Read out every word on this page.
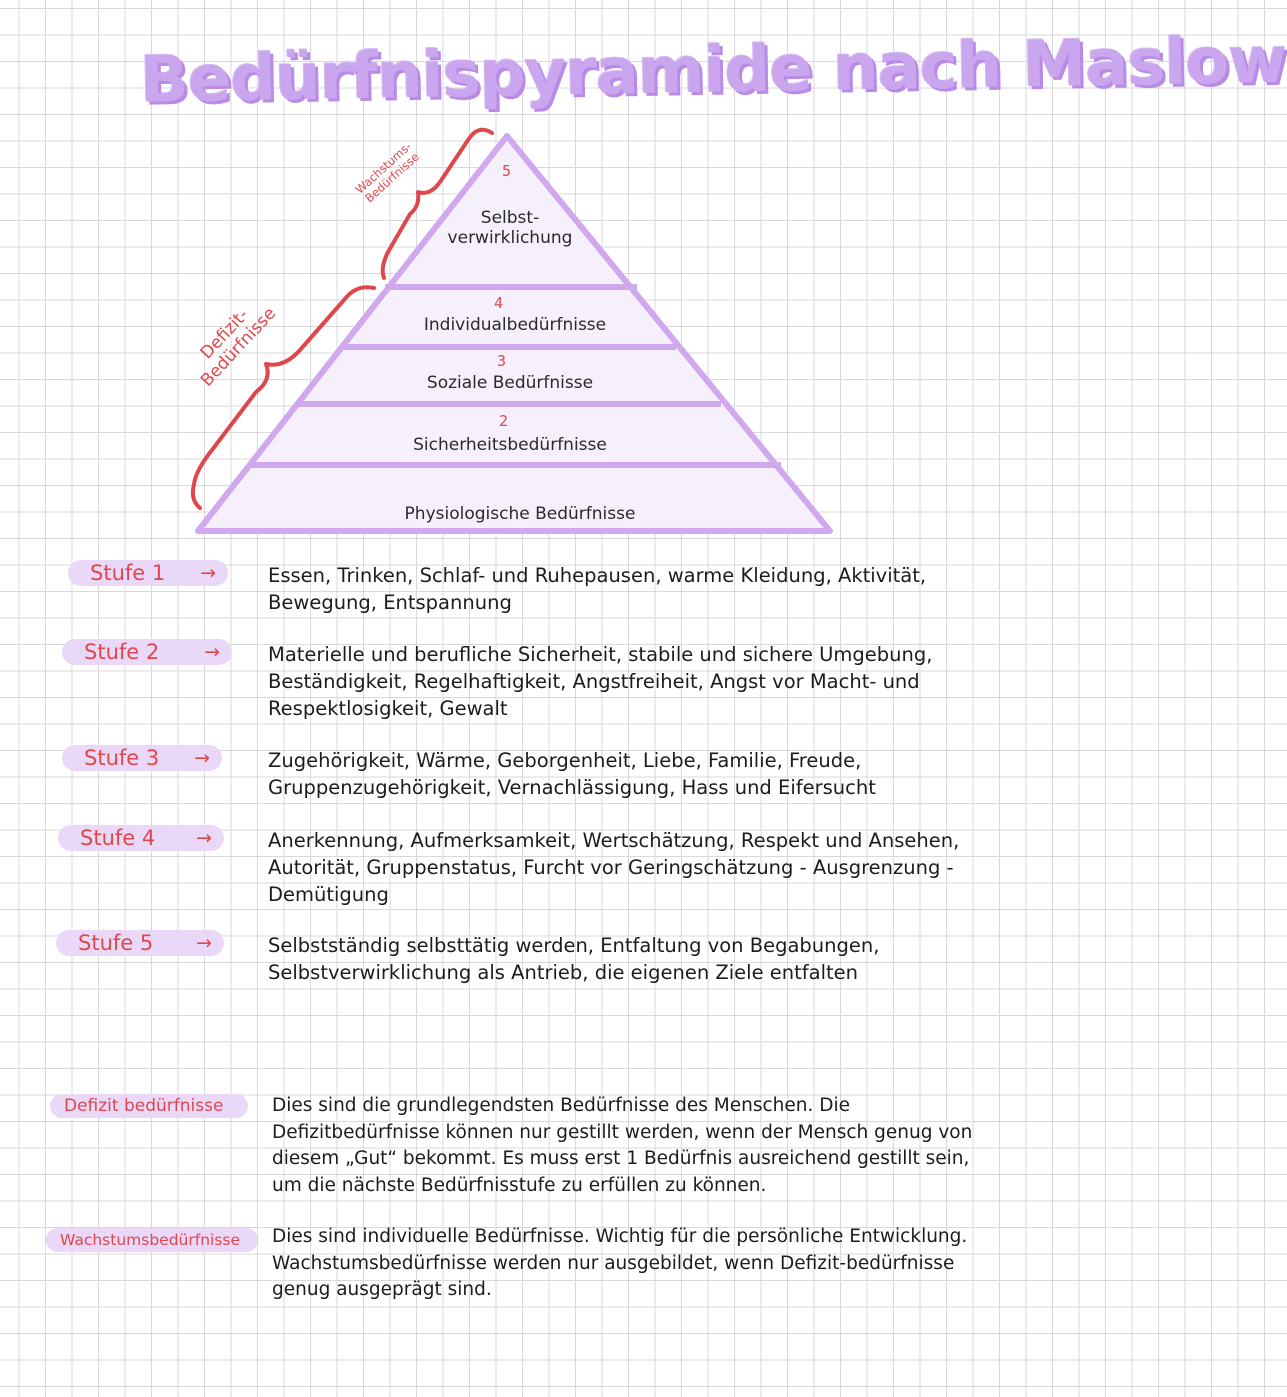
Bedürfnispyramide nach Maslow
5
Selbst-
verwirklichung
4
Individualbedürfnisse
3
Soziale Bedürfnisse
2
Sicherheitsbedürfnisse
Physiologische Bedürfnisse
Wachstums-
Bedürfnisse
Defizit-
Bedürfnisse
Stufe 1 →	Essen, Trinken, Schlaf- und Ruhepausen, warme Kleidung, Aktivität, Bewegung, Entspannung
Stufe 2 → Materielle und berufliche Sicherheit, stabile und sichere Umgebung, Beständigkeit, Regelhaftigkeit, Angstfreiheit, Angst vor Macht- und Respektlosigkeit, Gewalt
Stufe 3 →	Zugehörigkeit, Wärme, Geborgenheit, Liebe, Familie, Freude, Gruppenzugehörigkeit, Vernachlässigung, Hass und Eifersucht
Stufe 4 →	Anerkennung, Aufmerksamkeit, Wertschätzung, Respekt und Ansehen, Autorität, Gruppenstatus, Furcht vor Geringschätzung - Ausgrenzung - Demütigung
Stufe 5 →	Selbstständig selbsttätig werden, Entfaltung von Begabungen, Selbstverwirklichung als Antrieb, die eigenen Ziele entfalten
Defizit bedürfnisse	Dies sind die grundlegendsten Bedürfnisse des Menschen. Die Defizitbedürfnisse können nur gestillt werden, wenn der Mensch genug von diesem „Gut“ bekommt. Es muss erst 1 Bedürfnis ausreichend gestillt sein, um die nächste Bedürfnisstufe zu erfüllen zu können.
Wachstumsbedürfnisse	Dies sind individuelle Bedürfnisse. Wichtig für die persönliche Entwicklung. Wachstumsbedürfnisse werden nur ausgebildet, wenn Defizit-bedürfnisse genug ausgeprägt sind.
